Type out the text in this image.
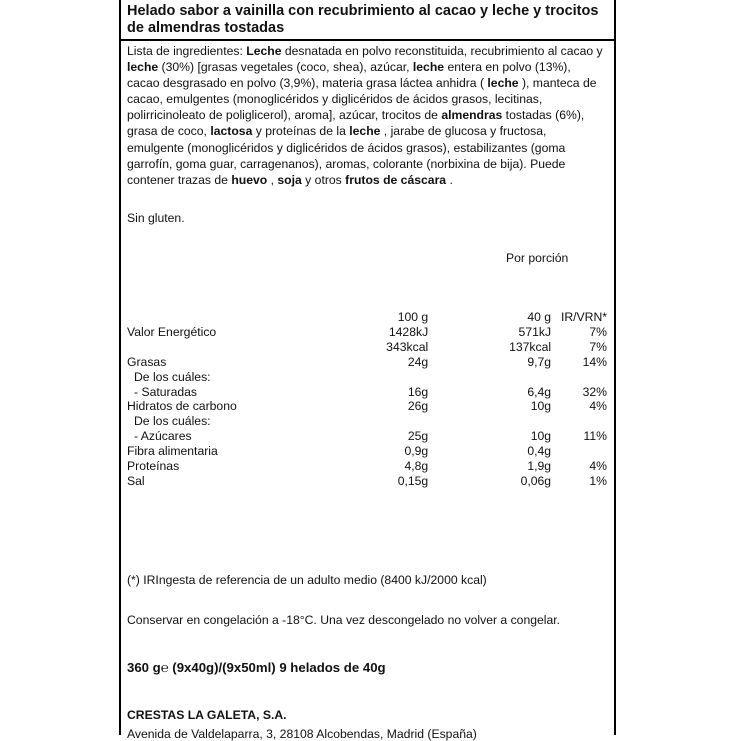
Helado sabor a vainilla con recubrimiento al cacao y leche y trocitos de almendras tostadas

Lista de ingredientes: Leche desnatada en polvo reconstituida, recubrimiento al cacao y leche (30%) [grasas vegetales (coco, shea), azúcar, leche entera en polvo (13%), cacao desgrasado en polvo (3,9%), materia grasa láctea anhidra ( leche ), manteca de cacao, emulgentes (monoglicéridos y diglicéridos de ácidos grasos, lecitinas, polirricinoleato de poliglicerol), aroma], azúcar, trocitos de almendras tostadas (6%), grasa de coco, lactosa y proteínas de la leche , jarabe de glucosa y fructosa, emulgente (monoglicéridos y diglicéridos de ácidos grasos), estabilizantes (goma garrofín, goma guar, carragenanos), aromas, colorante (norbixina de bija). Puede contener trazas de huevo , soja y otros frutos de cáscara .

Sin gluten.

Por porción
	100 g	40 g	IR/VRN*
Valor Energético	1428kJ	571kJ	7%
	343kcal	137kcal	7%
Grasas	24g	9,7g	14%
De los cuáles:			
- Saturadas	16g	6,4g	32%
Hidratos de carbono	26g	10g	4%
De los cuáles:			
- Azúcares	25g	10g	11%
Fibra alimentaria	0,9g	0,4g	
Proteínas	4,8g	1,9g	4%
Sal	0,15g	0,06g	1%

(*) IRIngesta de referencia de un adulto medio (8400 kJ/2000 kcal)

Conservar en congelación a -18°C. Una vez descongelado no volver a congelar.

360 g℮ (9x40g)/(9x50ml) 9 helados de 40g

CRESTAS LA GALETA, S.A.

Avenida de Valdelaparra, 3, 28108 Alcobendas, Madrid (España)
